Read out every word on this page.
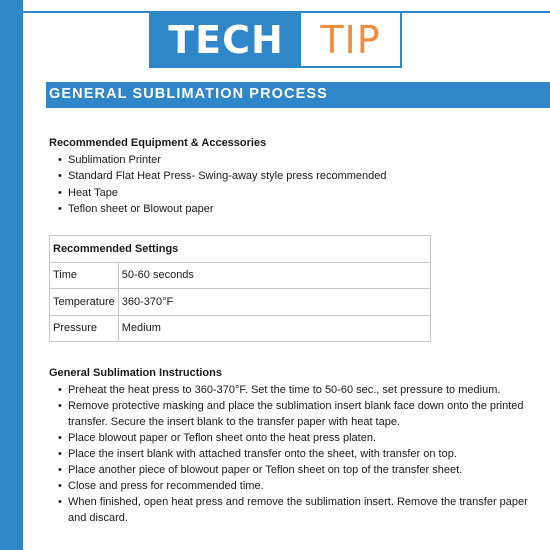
TECH TIP
GENERAL SUBLIMATION PROCESS
Recommended Equipment & Accessories
• Sublimation Printer
• Standard Flat Heat Press- Swing-away style press recommended
• Heat Tape
• Teflon sheet or Blowout paper
Recommended Settings	
Time	50-60 seconds
Temperature	360-370°F
Pressure	Medium
General Sublimation Instructions
• Preheat the heat press to 360-370°F. Set the time to 50-60 sec., set pressure to medium.
• Remove protective masking and place the sublimation insert blank face down onto the printed transfer. Secure the insert blank to the transfer paper with heat tape.
• Place blowout paper or Teflon sheet onto the heat press platen.
• Place the insert blank with attached transfer onto the sheet, with transfer on top.
• Place another piece of blowout paper or Teflon sheet on top of the transfer sheet.
• Close and press for recommended time.
• When finished, open heat press and remove the sublimation insert. Remove the transfer paper and discard.
